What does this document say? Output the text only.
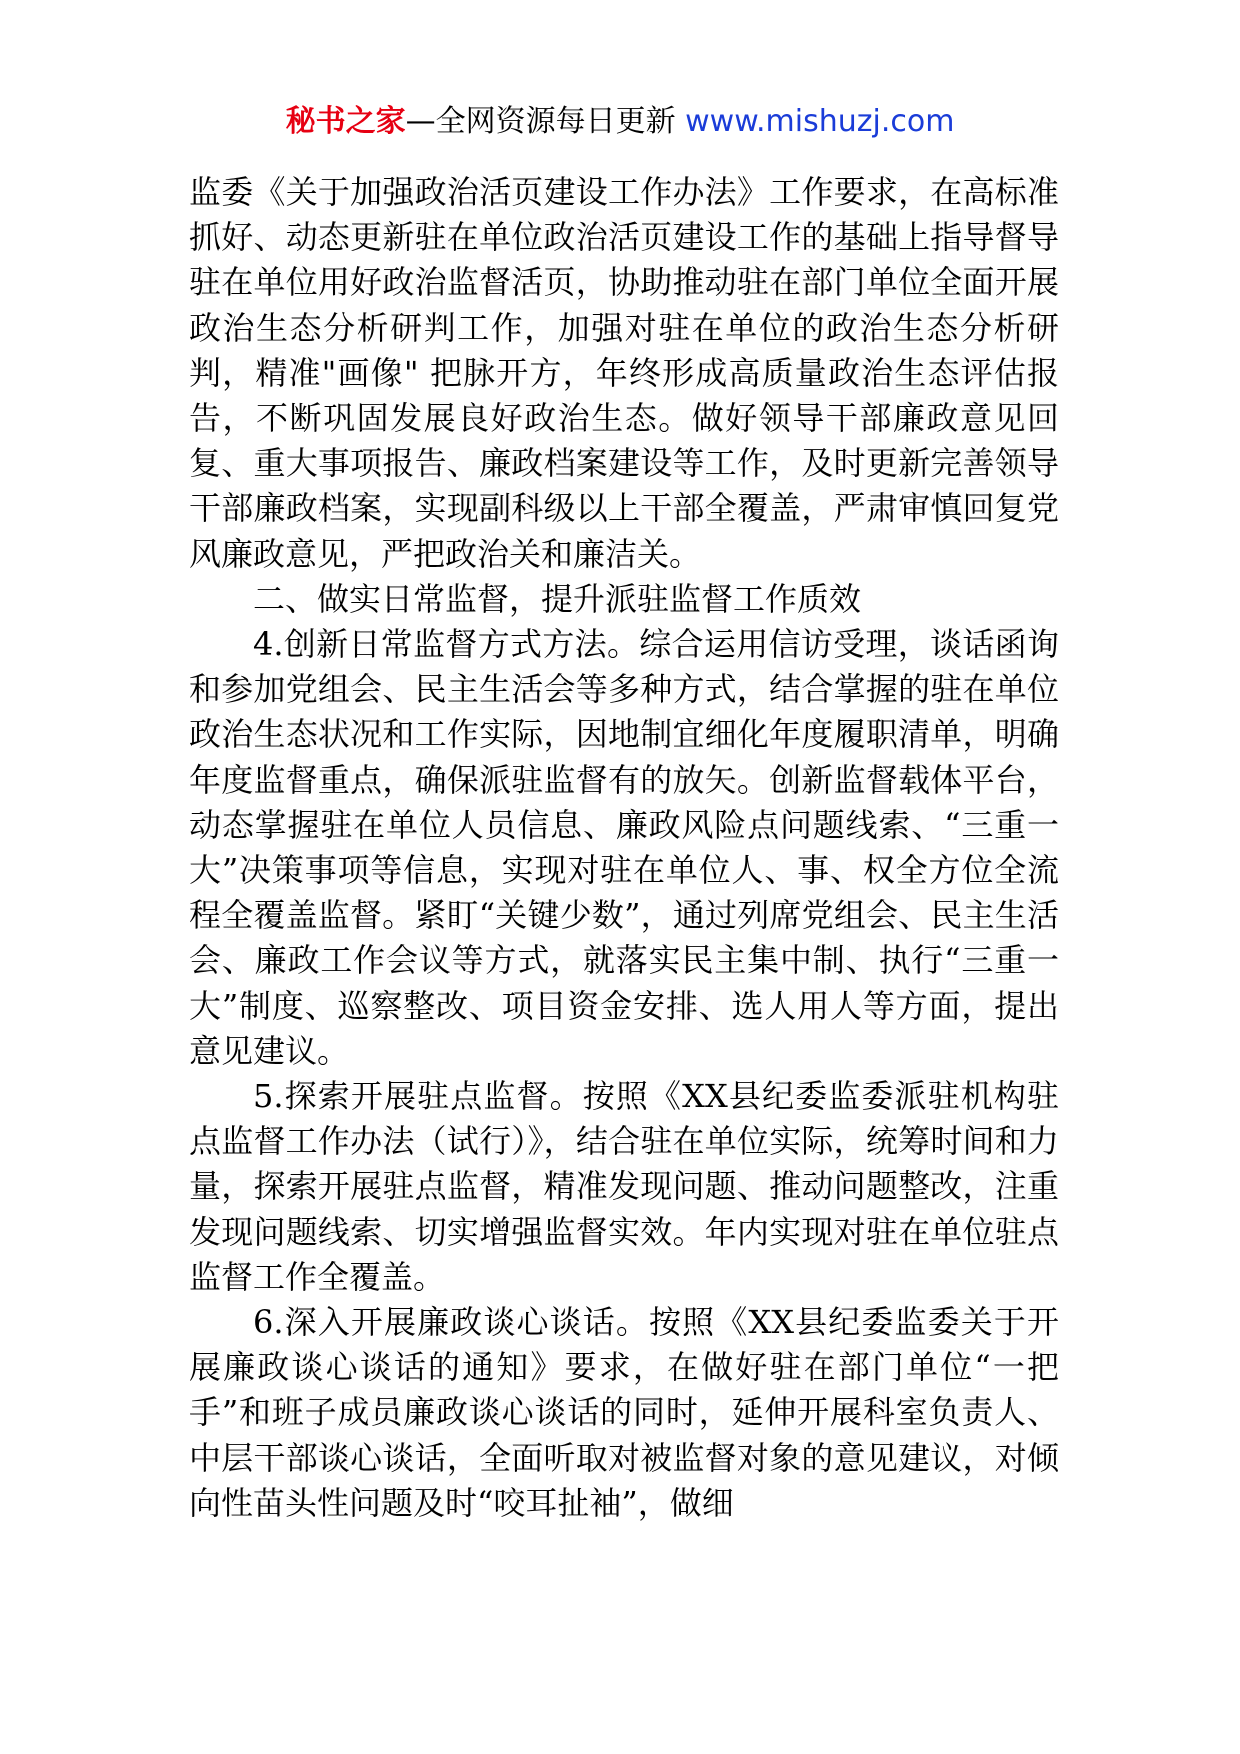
秘书之家—全网资源每日更新 www.mishuzj.com

监委《关于加强政治活页建设工作办法》工作要求，在高标准抓好、动态更新驻在单位政治活页建设工作的基础上指导督导驻在单位用好政治监督活页，协助推动驻在部门单位全面开展政治生态分析研判工作，加强对驻在单位的政治生态分析研判，精准"画像" 把脉开方，年终形成高质量政治生态评估报告，不断巩固发展良好政治生态。做好领导干部廉政意见回复、重大事项报告、廉政档案建设等工作，及时更新完善领导干部廉政档案，实现副科级以上干部全覆盖，严肃审慎回复党风廉政意见，严把政治关和廉洁关。

二、做实日常监督，提升派驻监督工作质效

4.创新日常监督方式方法。综合运用信访受理，谈话函询和参加党组会、民主生活会等多种方式，结合掌握的驻在单位政治生态状况和工作实际，因地制宜细化年度履职清单，明确年度监督重点，确保派驻监督有的放矢。创新监督载体平台，动态掌握驻在单位人员信息、廉政风险点问题线索、“三重一大”决策事项等信息，实现对驻在单位人、事、权全方位全流程全覆盖监督。紧盯“关键少数”，通过列席党组会、民主生活会、廉政工作会议等方式，就落实民主集中制、执行“三重一大”制度、巡察整改、项目资金安排、选人用人等方面，提出意见建议。

5.探索开展驻点监督。按照《XX县纪委监委派驻机构驻点监督工作办法（试行）》，结合驻在单位实际，统筹时间和力量，探索开展驻点监督，精准发现问题、推动问题整改，注重发现问题线索、切实增强监督实效。年内实现对驻在单位驻点监督工作全覆盖。

6.深入开展廉政谈心谈话。按照《XX县纪委监委关于开展廉政谈心谈话的通知》要求，在做好驻在部门单位“一把手”和班子成员廉政谈心谈话的同时，延伸开展科室负责人、中层干部谈心谈话，全面听取对被监督对象的意见建议，对倾向性苗头性问题及时“咬耳扯袖”，做细
